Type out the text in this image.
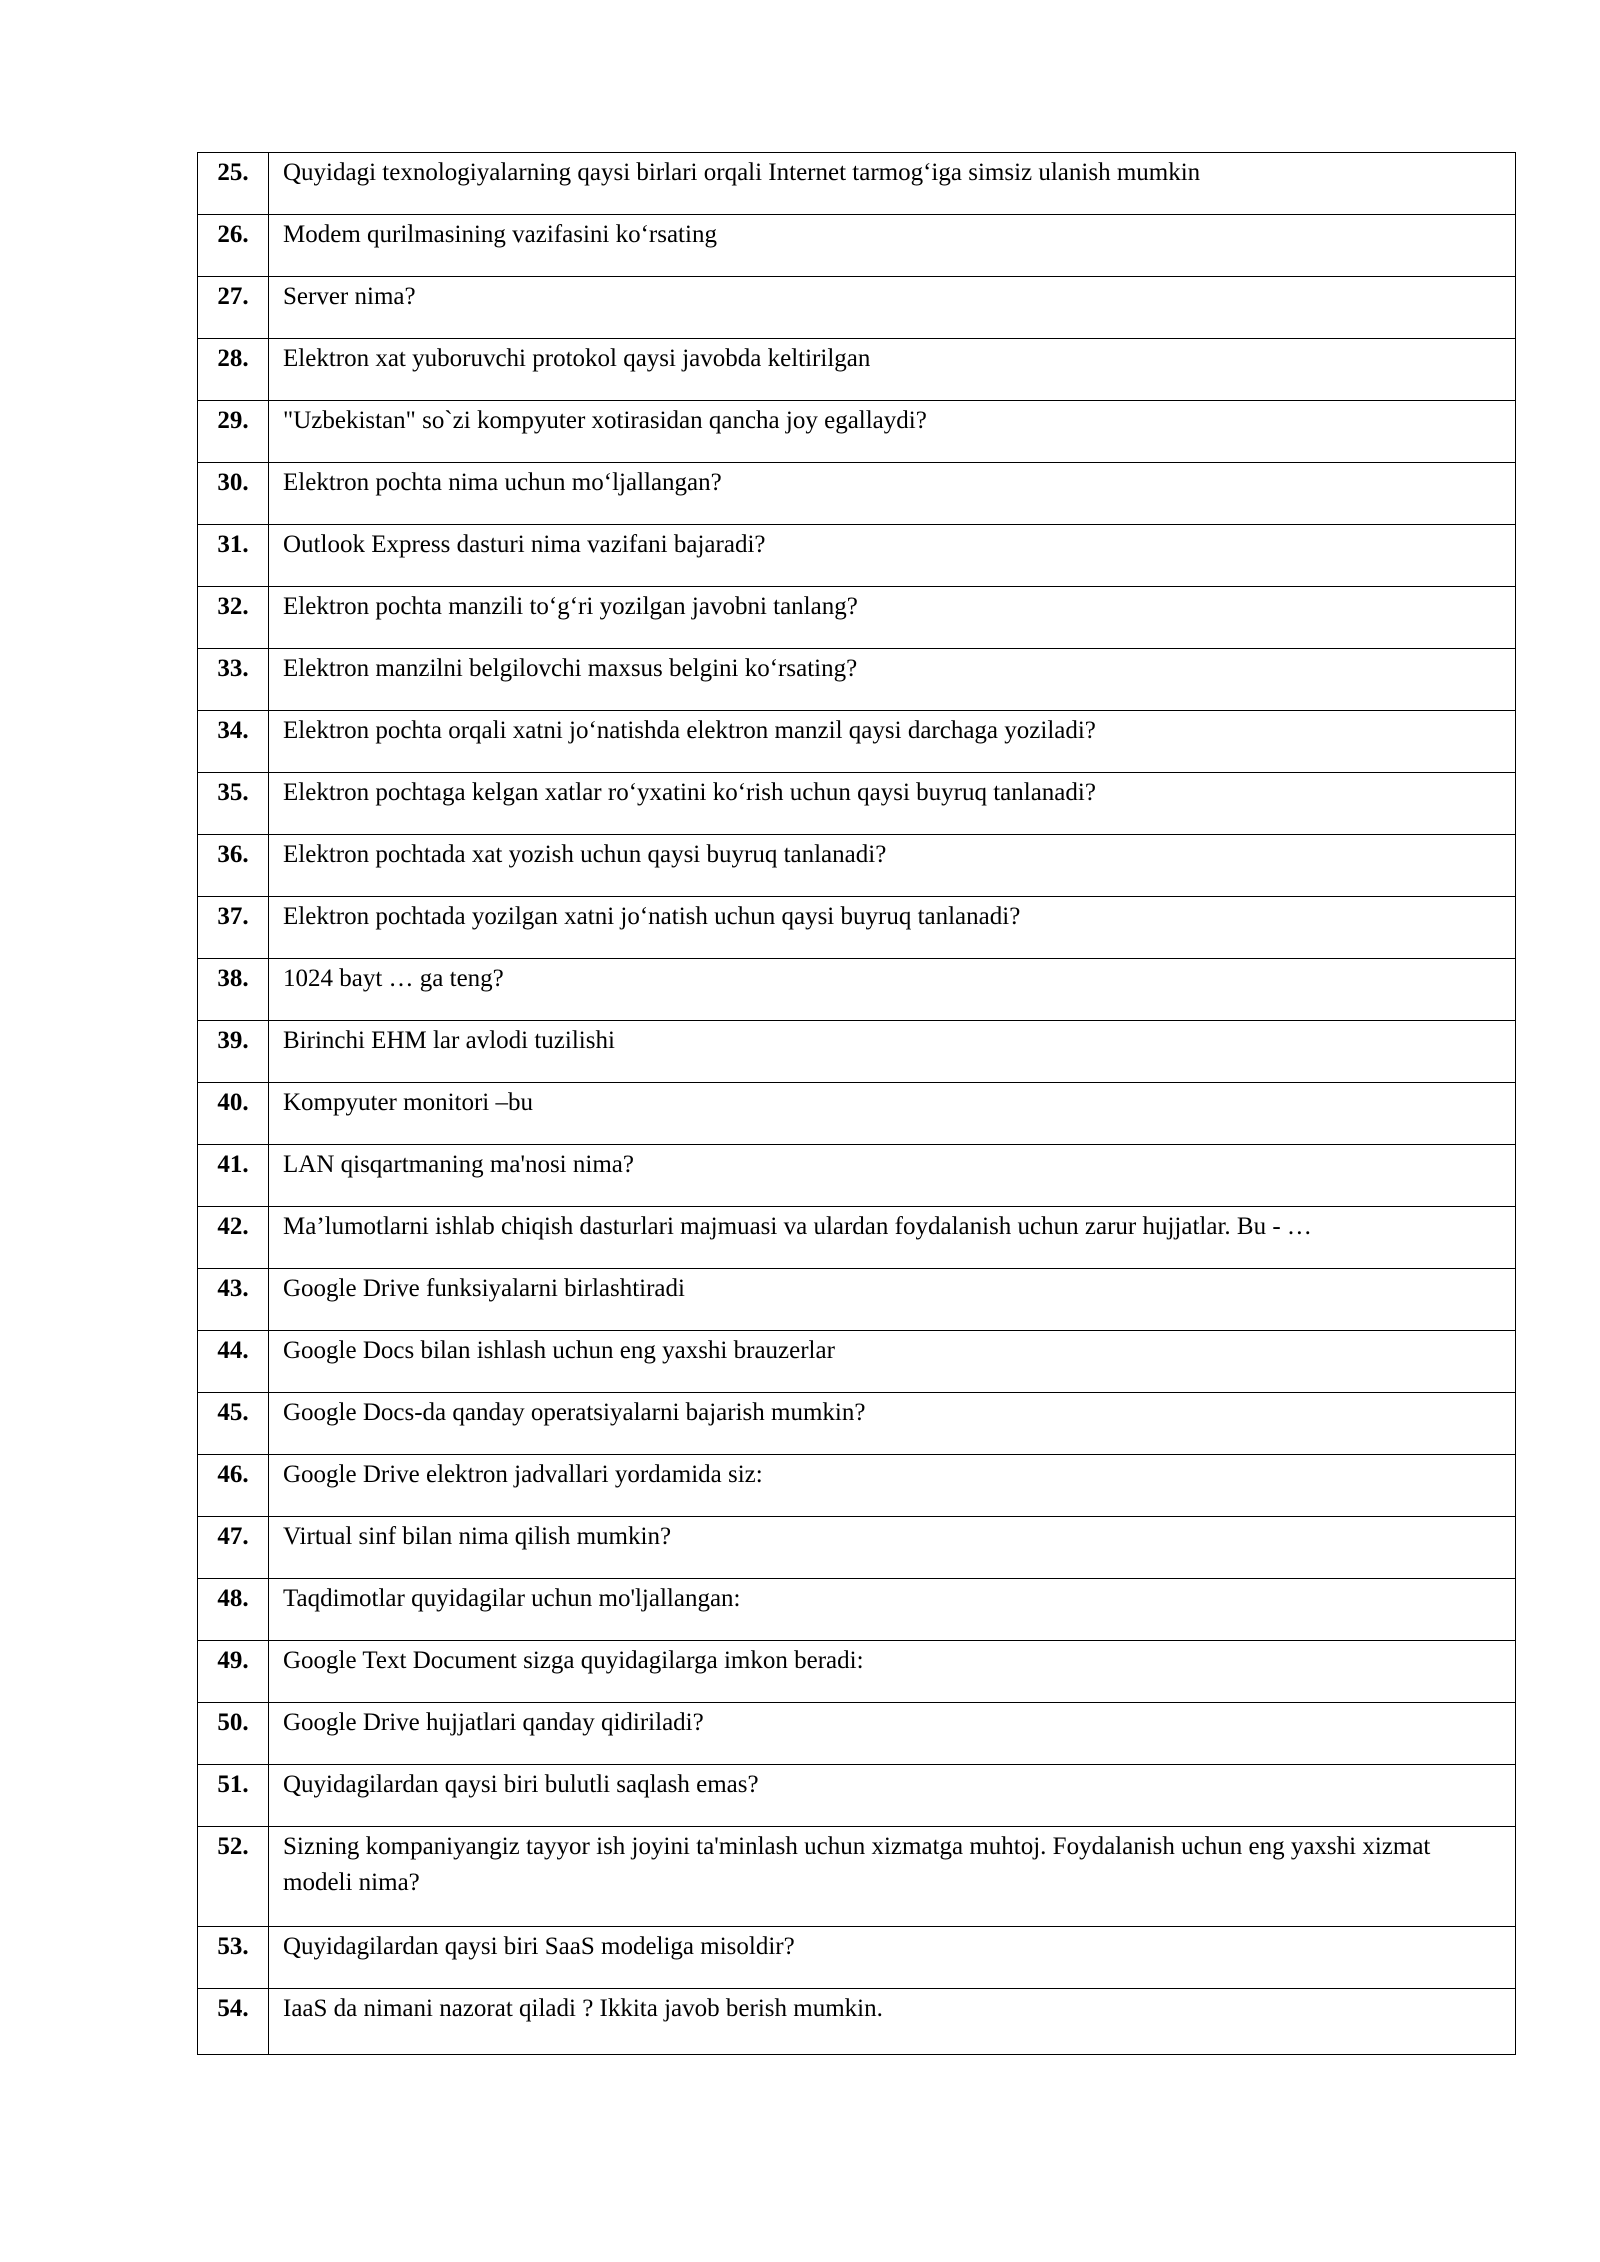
25.	Quyidagi texnologiyalarning qaysi birlari orqali Internet tarmog‘iga simsiz ulanish mumkin
26.	Modem qurilmasining vazifasini ko‘rsating
27.	Server nima?
28.	Elektron xat yuboruvchi protokol qaysi javobda keltirilgan
29.	"Uzbekistan" so`zi kompyuter xotirasidan qancha joy egallaydi?
30.	Elektron pochta nima uchun mo‘ljallangan?
31.	Outlook Express dasturi nima vazifani bajaradi?
32.	Elektron pochta manzili to‘g‘ri yozilgan javobni tanlang?
33.	Elektron manzilni belgilovchi maxsus belgini ko‘rsating?
34.	Elektron pochta orqali xatni jo‘natishda elektron manzil qaysi darchaga yoziladi?
35.	Elektron pochtaga kelgan xatlar ro‘yxatini ko‘rish uchun qaysi buyruq tanlanadi?
36.	Elektron pochtada xat yozish uchun qaysi buyruq tanlanadi?
37.	Elektron pochtada yozilgan xatni jo‘natish uchun qaysi buyruq tanlanadi?
38.	1024 bayt … ga teng?
39.	Birinchi EHM lar avlodi tuzilishi
40.	Kompyuter monitori –bu
41.	LAN qisqartmaning ma'nosi nima?
42.	Ma’lumotlarni ishlab chiqish dasturlari majmuasi va ulardan foydalanish uchun zarur hujjatlar. Bu - …
43.	Google Drive funksiyalarni birlashtiradi
44.	Google Docs bilan ishlash uchun eng yaxshi brauzerlar
45.	Google Docs-da qanday operatsiyalarni bajarish mumkin?
46.	Google Drive elektron jadvallari yordamida siz:
47.	Virtual sinf bilan nima qilish mumkin?
48.	Taqdimotlar quyidagilar uchun mo'ljallangan:
49.	Google Text Document sizga quyidagilarga imkon beradi:
50.	Google Drive hujjatlari qanday qidiriladi?
51.	Quyidagilardan qaysi biri bulutli saqlash emas?
52.	Sizning kompaniyangiz tayyor ish joyini ta'minlash uchun xizmatga muhtoj. Foydalanish uchun eng yaxshi xizmat modeli nima?
53.	Quyidagilardan qaysi biri SaaS modeliga misoldir?
54.	IaaS da nimani nazorat qiladi ? Ikkita javob berish mumkin.
